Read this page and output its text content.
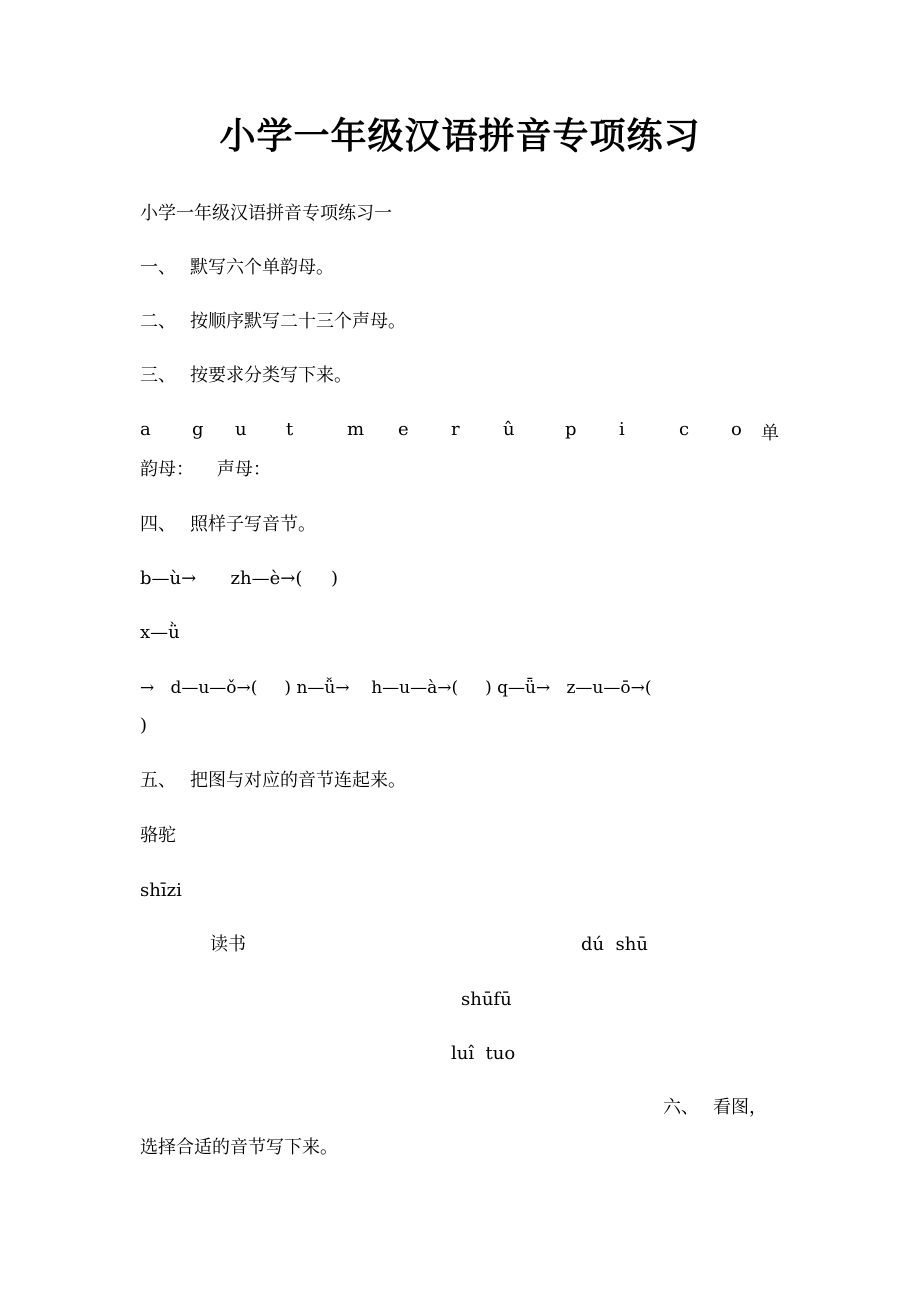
小学一年级汉语拼音专项练习
小学一年级汉语拼音专项练习一
一、 默写六个单韵母。
二、 按顺序默写二十三个声母。
三、 按要求分类写下来。
a g u t	m e r û	p i	c o 单
韵母：    声母：
四、 照样子写音节。
b—ù→      zh—è→(     )
x—ǜ
→   d—u—ǒ→(     ) n—ǚ→    h—u—à→(     ) q—ǖ→   z—u—ō→(
)
五、 把图与对应的音节连起来。
骆驼
shīzi
读书	dú  shū
shūfū
luî  tuo
六、 看图，
选择合适的音节写下来。
